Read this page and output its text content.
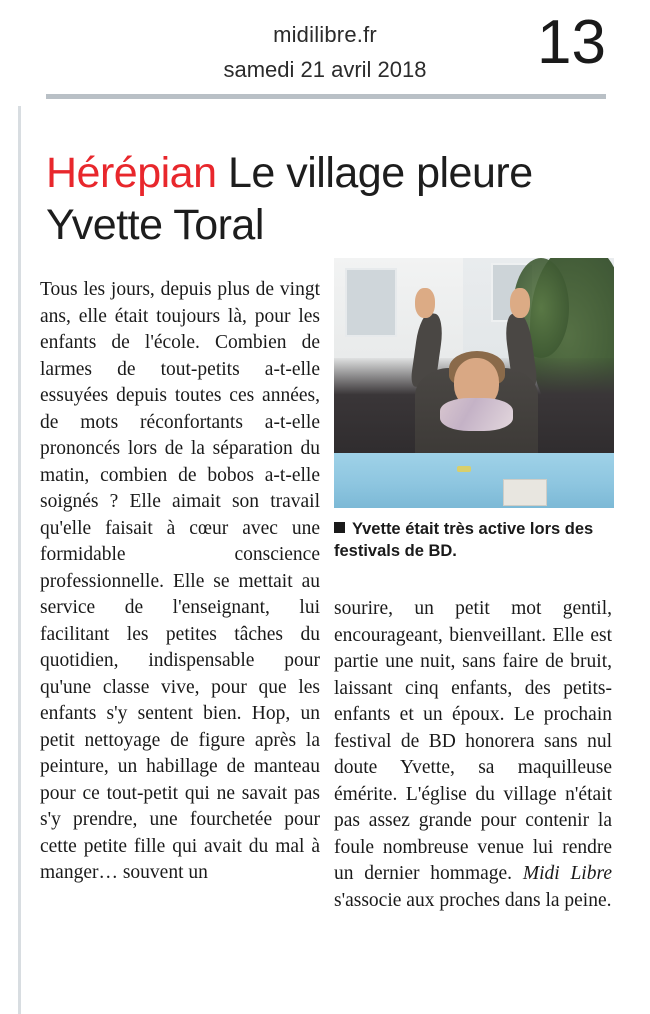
midilibre.fr
samedi 21 avril 2018	13
Hérépian Le village pleure Yvette Toral

Tous les jours, depuis plus de vingt ans, elle était toujours là, pour les enfants de l'école. Combien de larmes de tout-petits a-t-elle essuyées depuis toutes ces années, de mots réconfortants a-t-elle prononcés lors de la séparation du matin, combien de bobos a-t-elle soignés ? Elle aimait son travail qu'elle faisait à cœur avec une formidable conscience professionnelle. Elle se mettait au service de l'enseignant, lui facilitant les petites tâches du quotidien, indispensable pour qu'une classe vive, pour que les enfants s'y sentent bien. Hop, un petit nettoyage de figure après la peinture, un habillage de manteau pour ce tout-petit qui ne savait pas s'y prendre, une fourchetée pour cette petite fille qui avait du mal à manger… souvent un

Yvette était très active lors des festivals de BD.

sourire, un petit mot gentil, encourageant, bienveillant. Elle est partie une nuit, sans faire de bruit, laissant cinq enfants, des petits-enfants et un époux. Le prochain festival de BD honorera sans nul doute Yvette, sa maquilleuse émérite. L'église du village n'était pas assez grande pour contenir la foule nombreuse venue lui rendre un dernier hommage. Midi Libre s'associe aux proches dans la peine.
